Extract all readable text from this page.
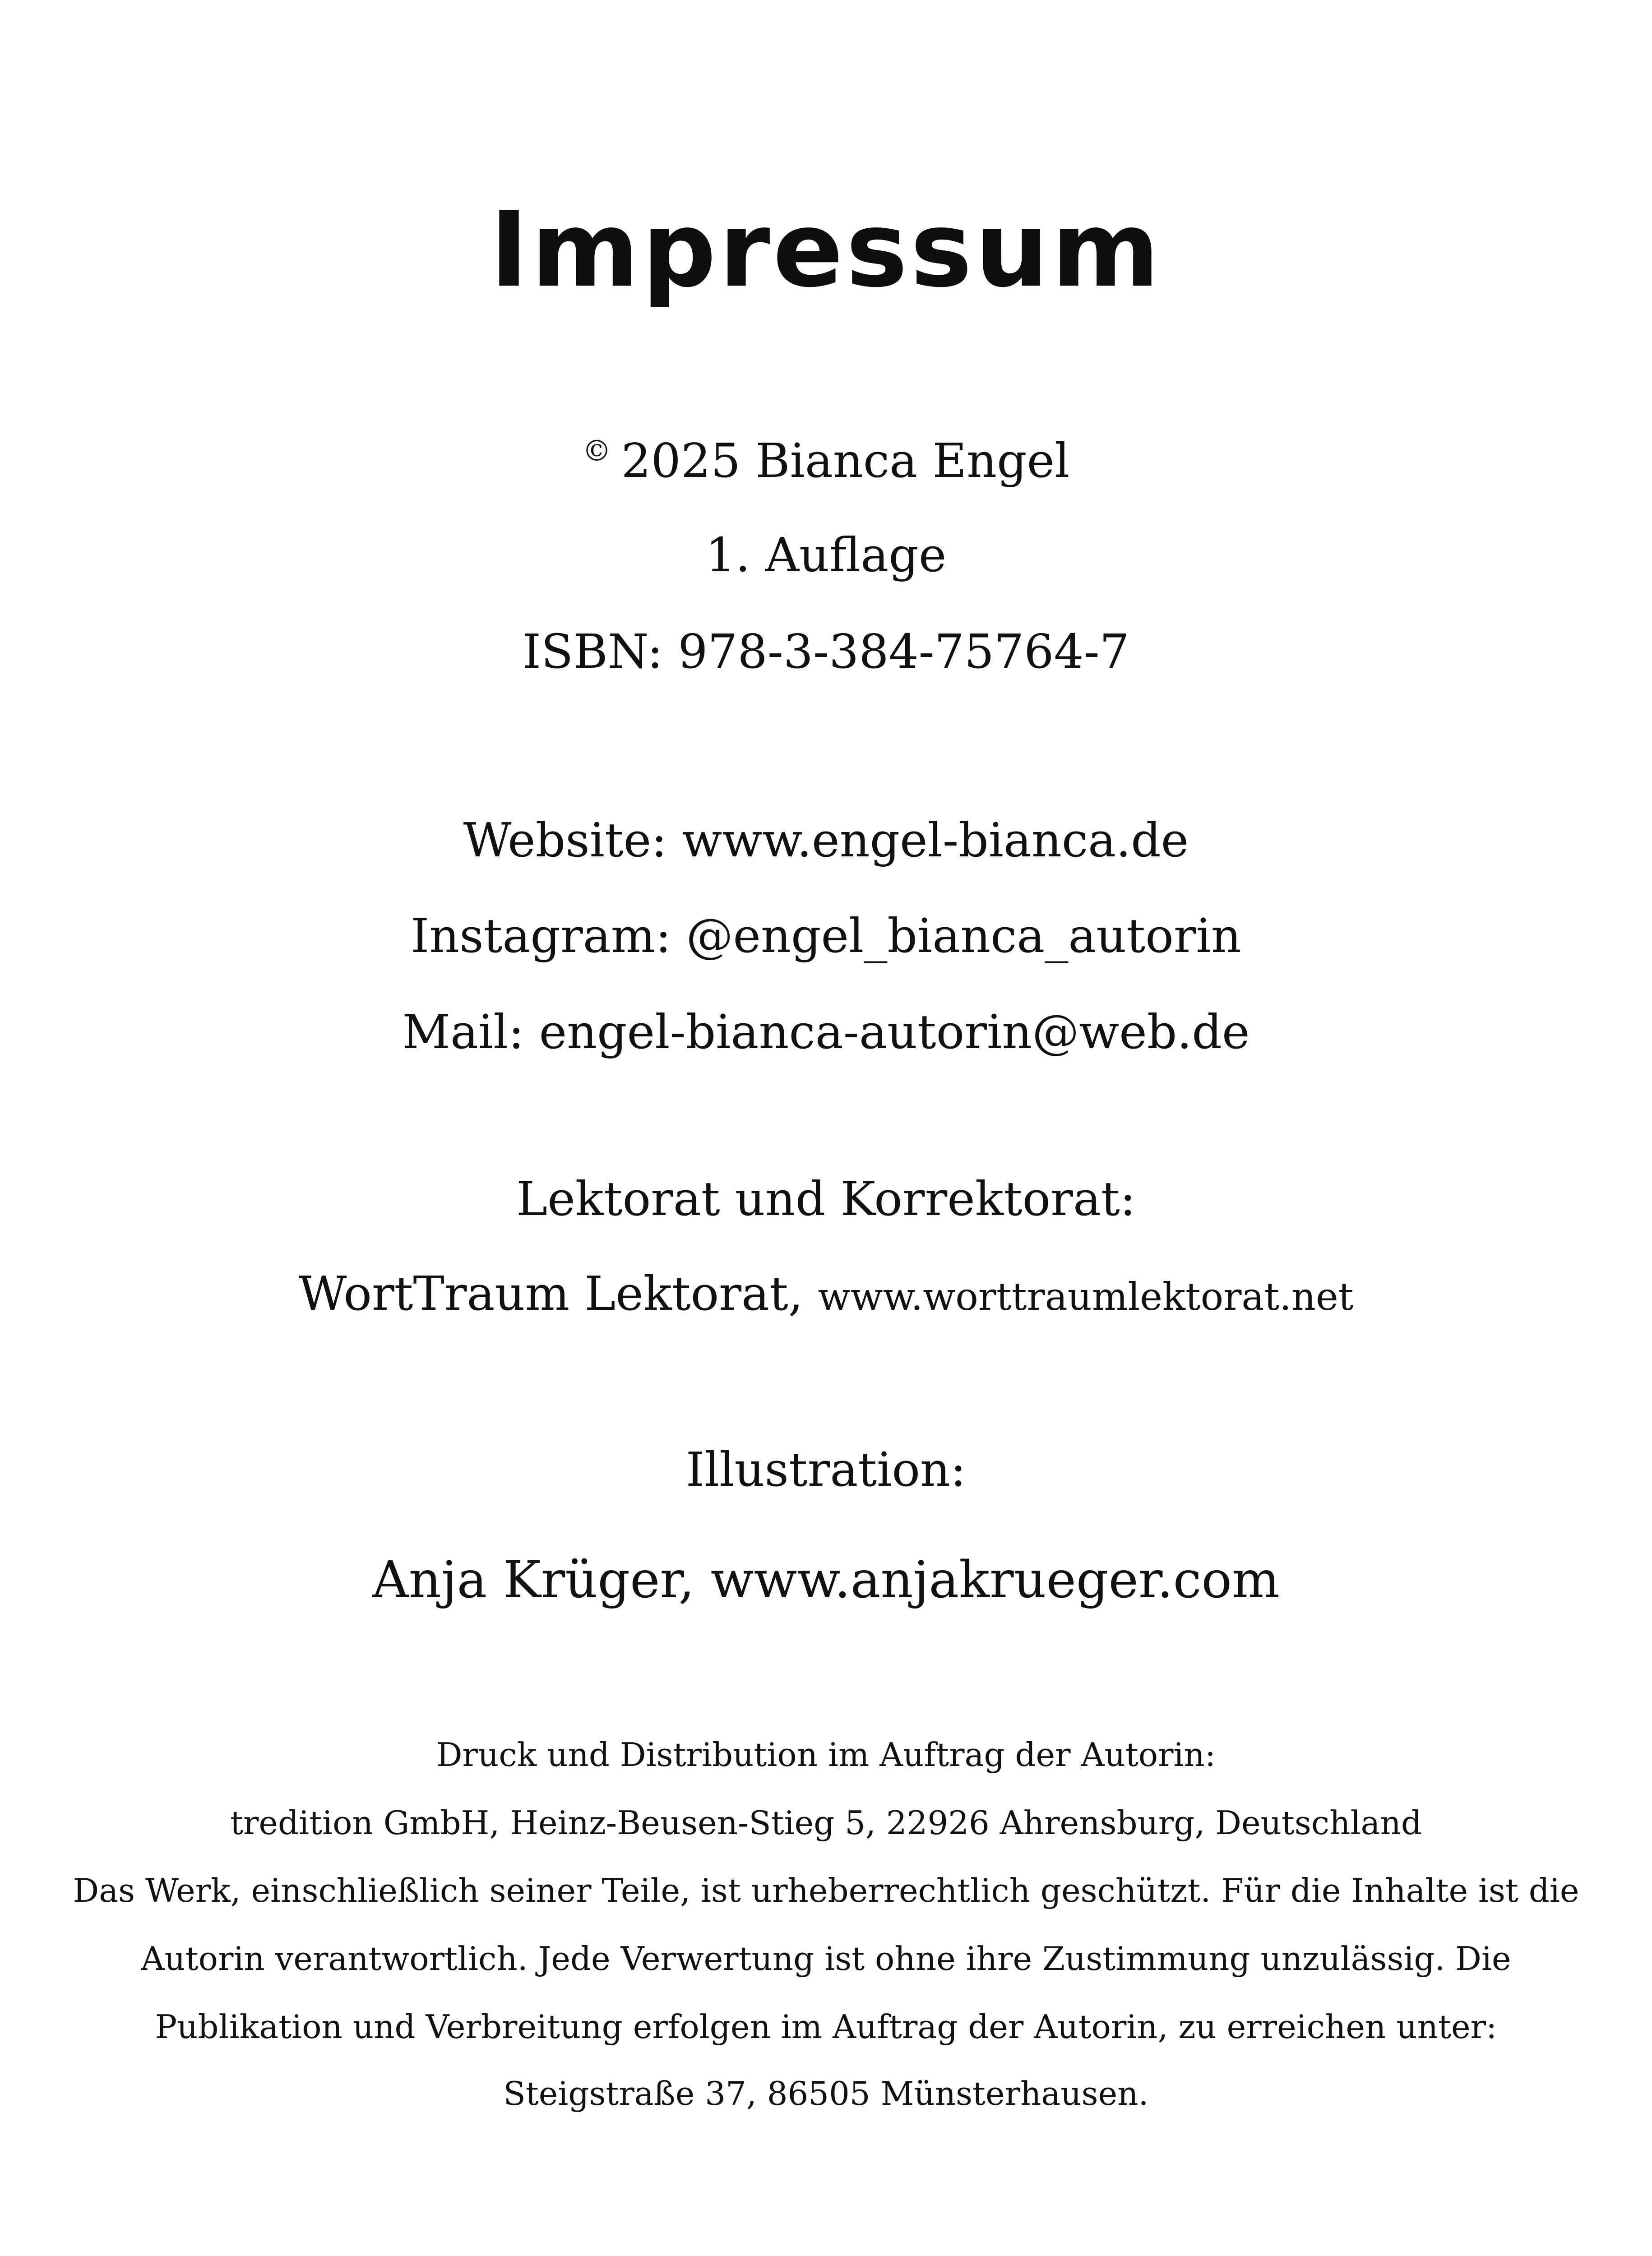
Impressum
© 2025 Bianca Engel
1. Auflage
ISBN: 978-3-384-75764-7
Website: www.engel-bianca.de
Instagram: @engel_bianca_autorin
Mail: engel-bianca-autorin@web.de
Lektorat und Korrektorat:
WortTraum Lektorat, www.worttraumlektorat.net
Illustration:
Anja Krüger, www.anjakrueger.com
Druck und Distribution im Auftrag der Autorin:
tredition GmbH, Heinz-Beusen-Stieg 5, 22926 Ahrensburg, Deutschland
Das Werk, einschließlich seiner Teile, ist urheberrechtlich geschützt. Für die Inhalte ist die
Autorin verantwortlich. Jede Verwertung ist ohne ihre Zustimmung unzulässig. Die
Publikation und Verbreitung erfolgen im Auftrag der Autorin, zu erreichen unter:
Steigstraße 37, 86505 Münsterhausen.
